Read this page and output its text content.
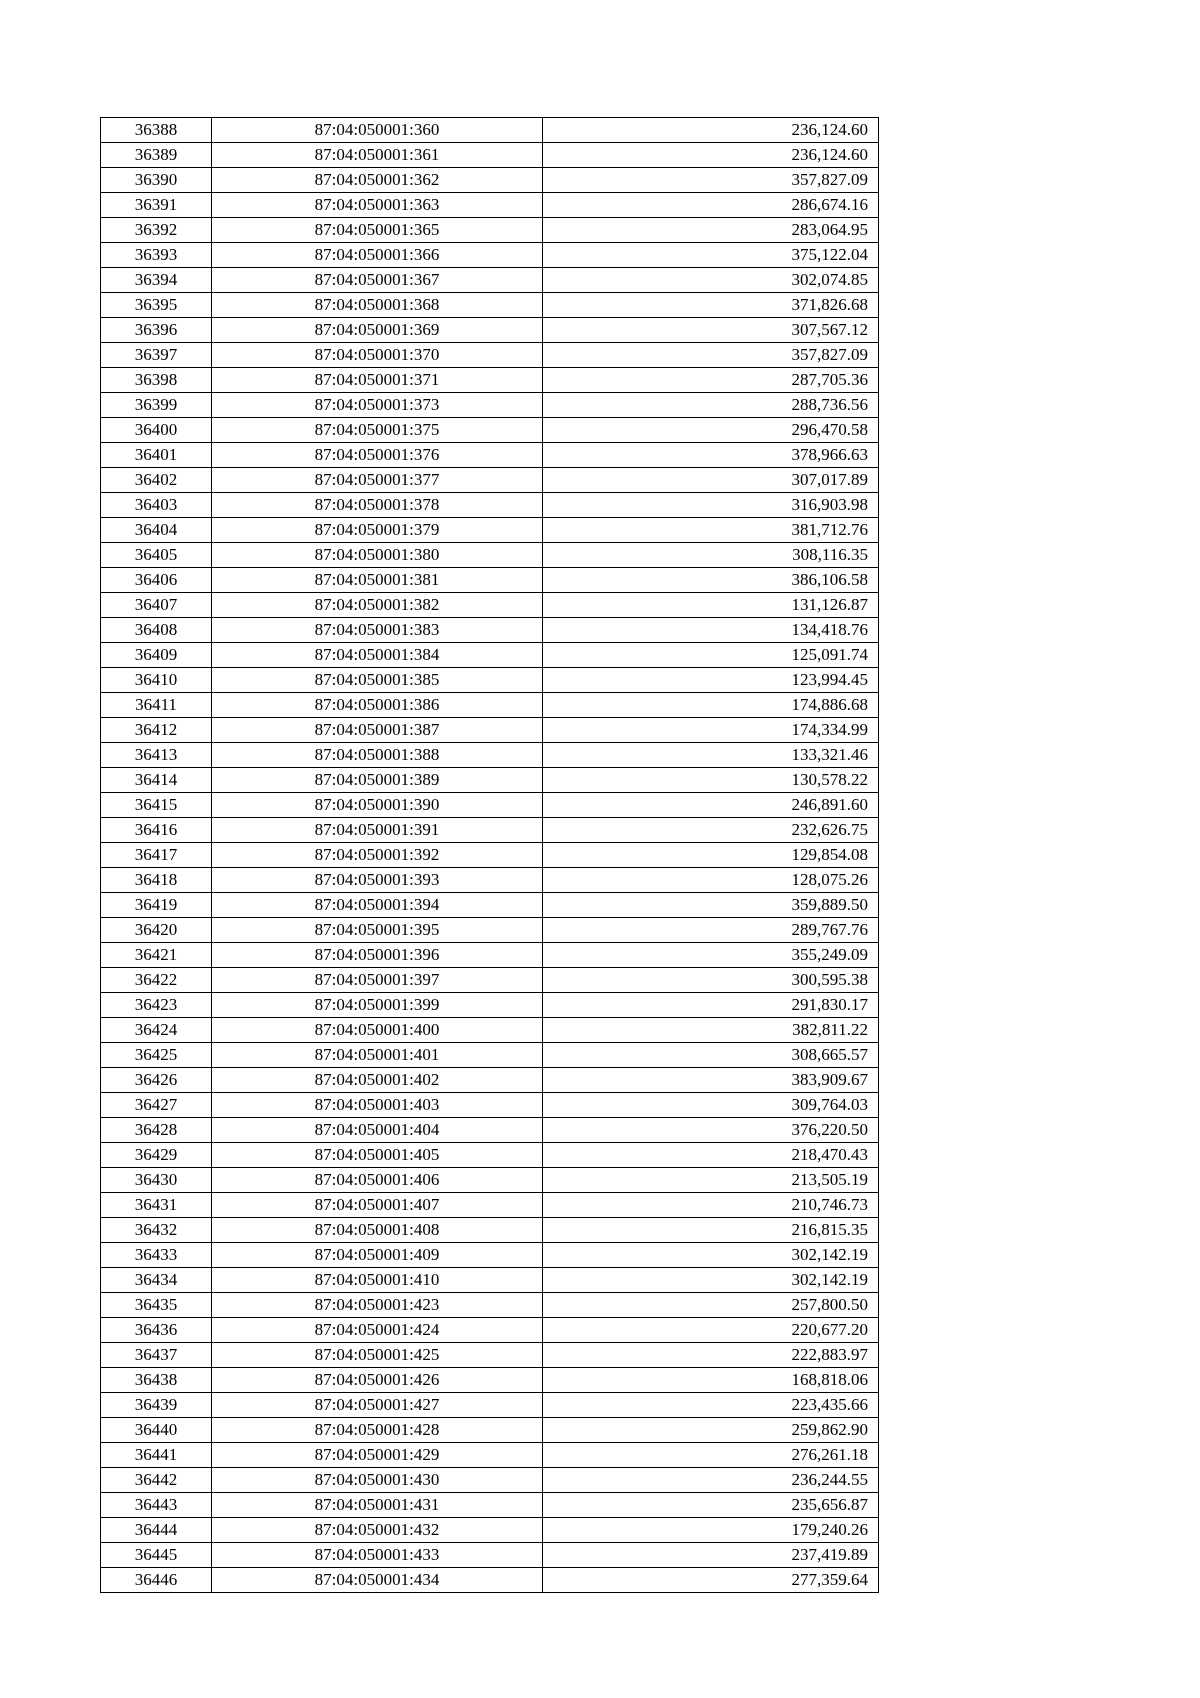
36388	87:04:050001:360	236,124.60
36389	87:04:050001:361	236,124.60
36390	87:04:050001:362	357,827.09
36391	87:04:050001:363	286,674.16
36392	87:04:050001:365	283,064.95
36393	87:04:050001:366	375,122.04
36394	87:04:050001:367	302,074.85
36395	87:04:050001:368	371,826.68
36396	87:04:050001:369	307,567.12
36397	87:04:050001:370	357,827.09
36398	87:04:050001:371	287,705.36
36399	87:04:050001:373	288,736.56
36400	87:04:050001:375	296,470.58
36401	87:04:050001:376	378,966.63
36402	87:04:050001:377	307,017.89
36403	87:04:050001:378	316,903.98
36404	87:04:050001:379	381,712.76
36405	87:04:050001:380	308,116.35
36406	87:04:050001:381	386,106.58
36407	87:04:050001:382	131,126.87
36408	87:04:050001:383	134,418.76
36409	87:04:050001:384	125,091.74
36410	87:04:050001:385	123,994.45
36411	87:04:050001:386	174,886.68
36412	87:04:050001:387	174,334.99
36413	87:04:050001:388	133,321.46
36414	87:04:050001:389	130,578.22
36415	87:04:050001:390	246,891.60
36416	87:04:050001:391	232,626.75
36417	87:04:050001:392	129,854.08
36418	87:04:050001:393	128,075.26
36419	87:04:050001:394	359,889.50
36420	87:04:050001:395	289,767.76
36421	87:04:050001:396	355,249.09
36422	87:04:050001:397	300,595.38
36423	87:04:050001:399	291,830.17
36424	87:04:050001:400	382,811.22
36425	87:04:050001:401	308,665.57
36426	87:04:050001:402	383,909.67
36427	87:04:050001:403	309,764.03
36428	87:04:050001:404	376,220.50
36429	87:04:050001:405	218,470.43
36430	87:04:050001:406	213,505.19
36431	87:04:050001:407	210,746.73
36432	87:04:050001:408	216,815.35
36433	87:04:050001:409	302,142.19
36434	87:04:050001:410	302,142.19
36435	87:04:050001:423	257,800.50
36436	87:04:050001:424	220,677.20
36437	87:04:050001:425	222,883.97
36438	87:04:050001:426	168,818.06
36439	87:04:050001:427	223,435.66
36440	87:04:050001:428	259,862.90
36441	87:04:050001:429	276,261.18
36442	87:04:050001:430	236,244.55
36443	87:04:050001:431	235,656.87
36444	87:04:050001:432	179,240.26
36445	87:04:050001:433	237,419.89
36446	87:04:050001:434	277,359.64
